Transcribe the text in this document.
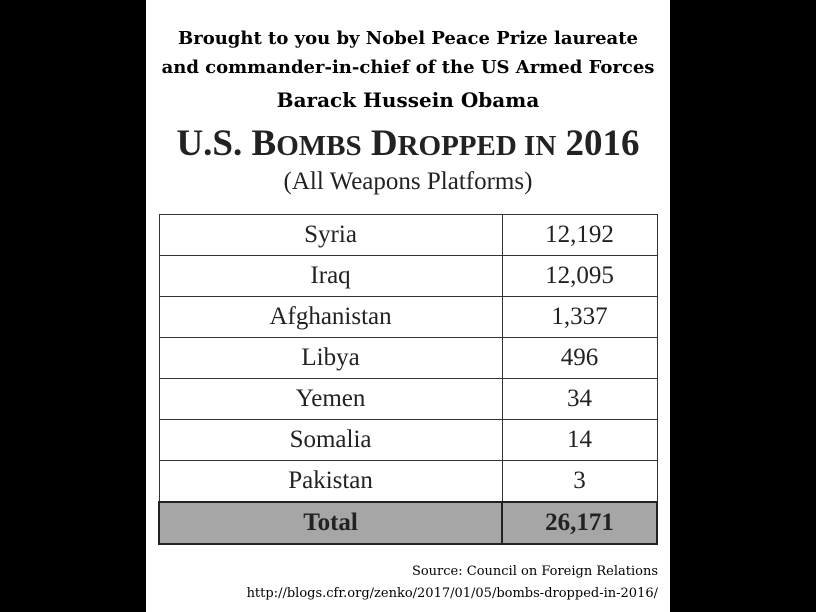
Brought to you by Nobel Peace Prize laureate
and commander-in-chief of the US Armed Forces
Barack Hussein Obama
U.S. BOMBS DROPPED IN 2016
(All Weapons Platforms)
Syria	12,192
Iraq	12,095
Afghanistan	1,337
Libya	496
Yemen	34
Somalia	14
Pakistan	3
Total	26,171
Source: Council on Foreign Relations
http://blogs.cfr.org/zenko/2017/01/05/bombs-dropped-in-2016/
